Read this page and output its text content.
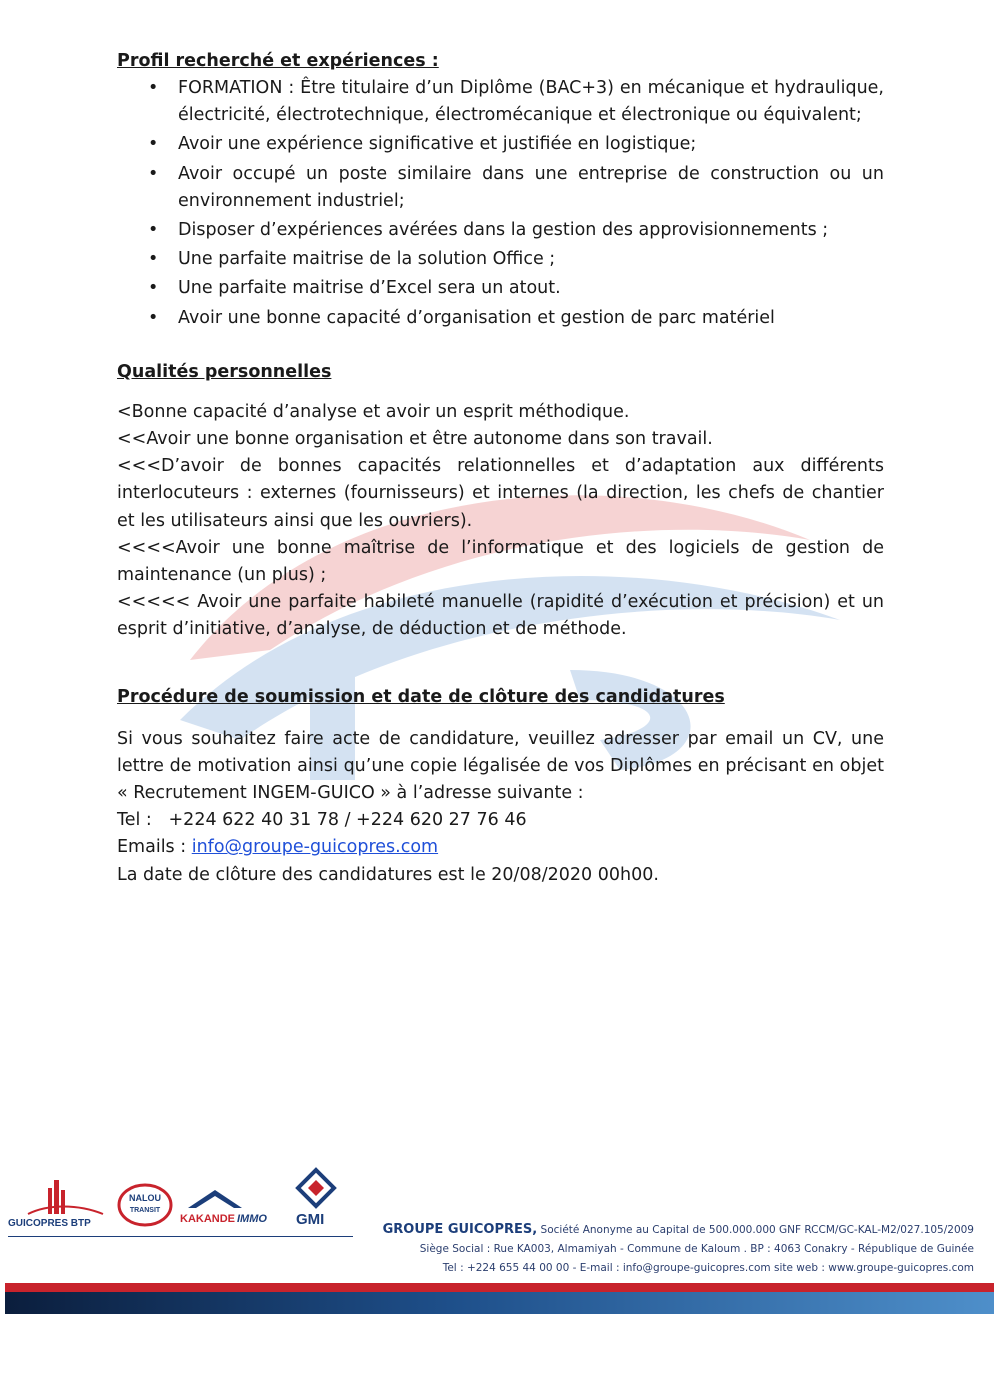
Profil recherché et expériences :
• FORMATION : Être titulaire d’un Diplôme (BAC+3) en mécanique et hydraulique, électricité, électrotechnique, électromécanique et électronique ou équivalent;
• Avoir une expérience significative et justifiée en logistique;
• Avoir occupé un poste similaire dans une entreprise de construction ou un environnement industriel;
• Disposer d’expériences avérées dans la gestion des approvisionnements ;
• Une parfaite maitrise de la solution Office ;
• Une parfaite maitrise d’Excel sera un atout.
• Avoir une bonne capacité d’organisation et gestion de parc matériel
Qualités personnelles

<Bonne capacité d’analyse et avoir un esprit méthodique.

<<Avoir une bonne organisation et être autonome dans son travail.

<<<D’avoir de bonnes capacités relationnelles et d’adaptation aux différents interlocuteurs : externes (fournisseurs) et internes (la direction, les chefs de chantier et les utilisateurs ainsi que les ouvriers).

<<<<Avoir une bonne maîtrise de l’informatique et des logiciels de gestion de maintenance (un plus) ;

<<<<< Avoir une parfaite habileté manuelle (rapidité d’exécution et précision) et un esprit d’initiative, d’analyse, de déduction et de méthode.

Procédure de soumission et date de clôture des candidatures

Si vous souhaitez faire acte de candidature, veuillez adresser par email un CV, une lettre de motivation ainsi qu’une copie légalisée de vos Diplômes en précisant en objet « Recrutement INGEM-GUICO » à l’adresse suivante :

Tel : +224 622 40 31 78 / +224 620 27 76 46

Emails : info@groupe-guicopres.com

La date de clôture des candidatures est le 20/08/2020 00h00.

GUICOPRES BTP
NALOU
TRANSIT
KAKANDE IMMO GMI
GROUPE GUICOPRES, Société Anonyme au Capital de 500.000.000 GNF RCCM/GC-KAL-M2/027.105/2009
Siège Social : Rue KA003, Almamiyah - Commune de Kaloum . BP : 4063 Conakry - République de Guinée
Tel : +224 655 44 00 00 - E-mail : info@groupe-guicopres.com site web : www.groupe-guicopres.com
